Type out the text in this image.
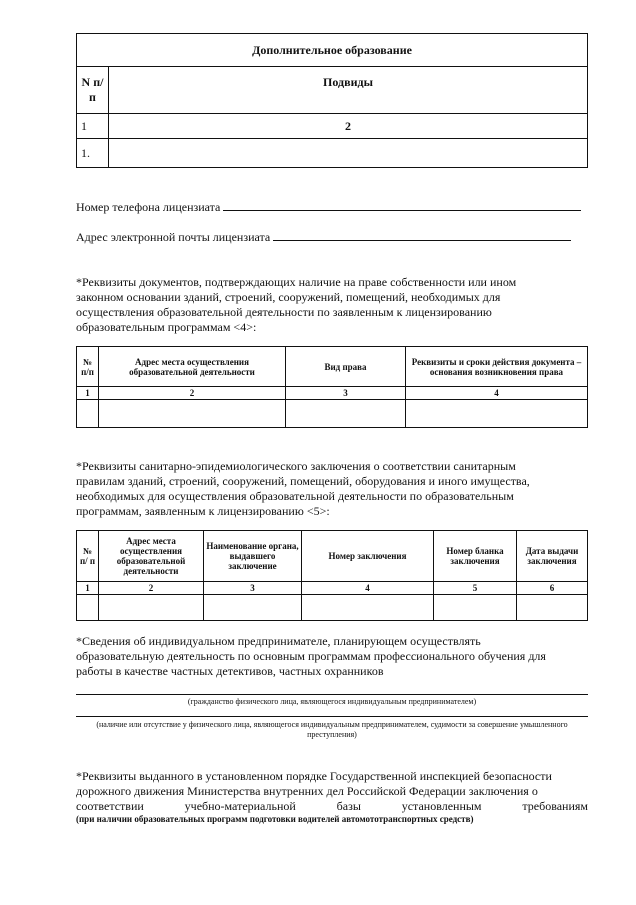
Дополнительное образование	
N п/п	Подвиды
1	2
1.	
Номер телефона лицензиата
Адрес электронной почты лицензиата
*Реквизиты документов, подтверждающих наличие на праве собственности или ином
законном основании зданий, строений, сооружений, помещений, необходимых для
осуществления образовательной деятельности по заявленным к лицензированию
образовательным программам <4>:
№ п/п	Адрес места осуществления образовательной деятельности	Вид права	Реквизиты и сроки действия документа – основания возникновения права
1	2	3	4

*Реквизиты санитарно-эпидемиологического заключения о соответствии санитарным
правилам зданий, строений, сооружений, помещений, оборудования и иного имущества,
необходимых для осуществления образовательной деятельности по образовательным
программам, заявленным к лицензированию <5>:
№ п/ п	Адрес места осуществления образовательной деятельности	Наименование органа, выдавшего заключение	Номер заключения	Номер бланка заключения	Дата выдачи заключения
1	2	3	4	5	6

*Сведения об индивидуальном предпринимателе, планирующем осуществлять
образовательную деятельность по основным программам профессионального обучения для
работы в качестве частных детективов, частных охранников
(гражданство физического лица, являющегося индивидуальным предпринимателем)
(наличие или отсутствие у физического лица, являющегося индивидуальным предпринимателем, судимости за совершение умышленного преступления)
*Реквизиты выданного в установленном порядке Государственной инспекцией безопасности
дорожного движения Министерства внутренних дел Российской Федерации заключения о
соответствии учебно-материальной базы установленным требованиям
(при наличии образовательных программ подготовки водителей автомототранспортных средств)
